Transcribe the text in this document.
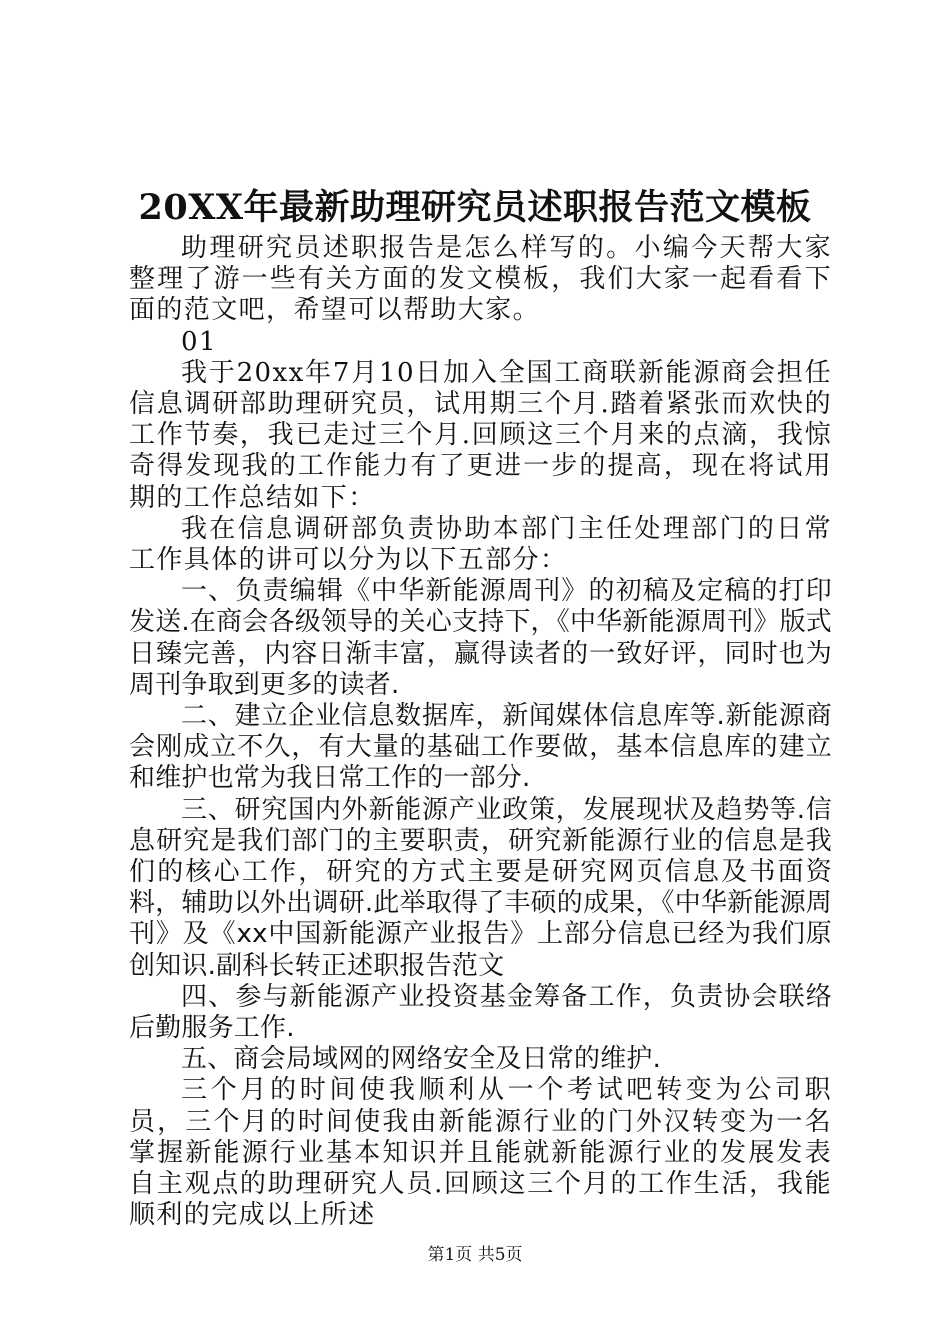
20XX年最新助理研究员述职报告范文模板

助理研究员述职报告是怎么样写的。小编今天帮大家整理了游一些有关方面的发文模板，我们大家一起看看下面的范文吧，希望可以帮助大家。

01

我于20xx年7月10日加入全国工商联新能源商会担任信息调研部助理研究员，试用期三个月.踏着紧张而欢快的工作节奏，我已走过三个月.回顾这三个月来的点滴，我惊奇得发现我的工作能力有了更进一步的提高，现在将试用期的工作总结如下：

我在信息调研部负责协助本部门主任处理部门的日常工作具体的讲可以分为以下五部分：

一、负责编辑《中华新能源周刊》的初稿及定稿的打印发送.在商会各级领导的关心支持下，《中华新能源周刊》版式日臻完善，内容日渐丰富，赢得读者的一致好评，同时也为周刊争取到更多的读者.

二、建立企业信息数据库，新闻媒体信息库等.新能源商会刚成立不久，有大量的基础工作要做，基本信息库的建立和维护也常为我日常工作的一部分.

三、研究国内外新能源产业政策，发展现状及趋势等.信息研究是我们部门的主要职责，研究新能源行业的信息是我们的核心工作，研究的方式主要是研究网页信息及书面资料，辅助以外出调研.此举取得了丰硕的成果，《中华新能源周刊》及《xx中国新能源产业报告》上部分信息已经为我们原创知识.副科长转正述职报告范文

四、参与新能源产业投资基金筹备工作，负责协会联络后勤服务工作.

五、商会局域网的网络安全及日常的维护.

三个月的时间使我顺利从一个考试吧转变为公司职员，三个月的时间使我由新能源行业的门外汉转变为一名掌握新能源行业基本知识并且能就新能源行业的发展发表自主观点的助理研究人员.回顾这三个月的工作生活，我能顺利的完成以上所述

第1页 共5页
